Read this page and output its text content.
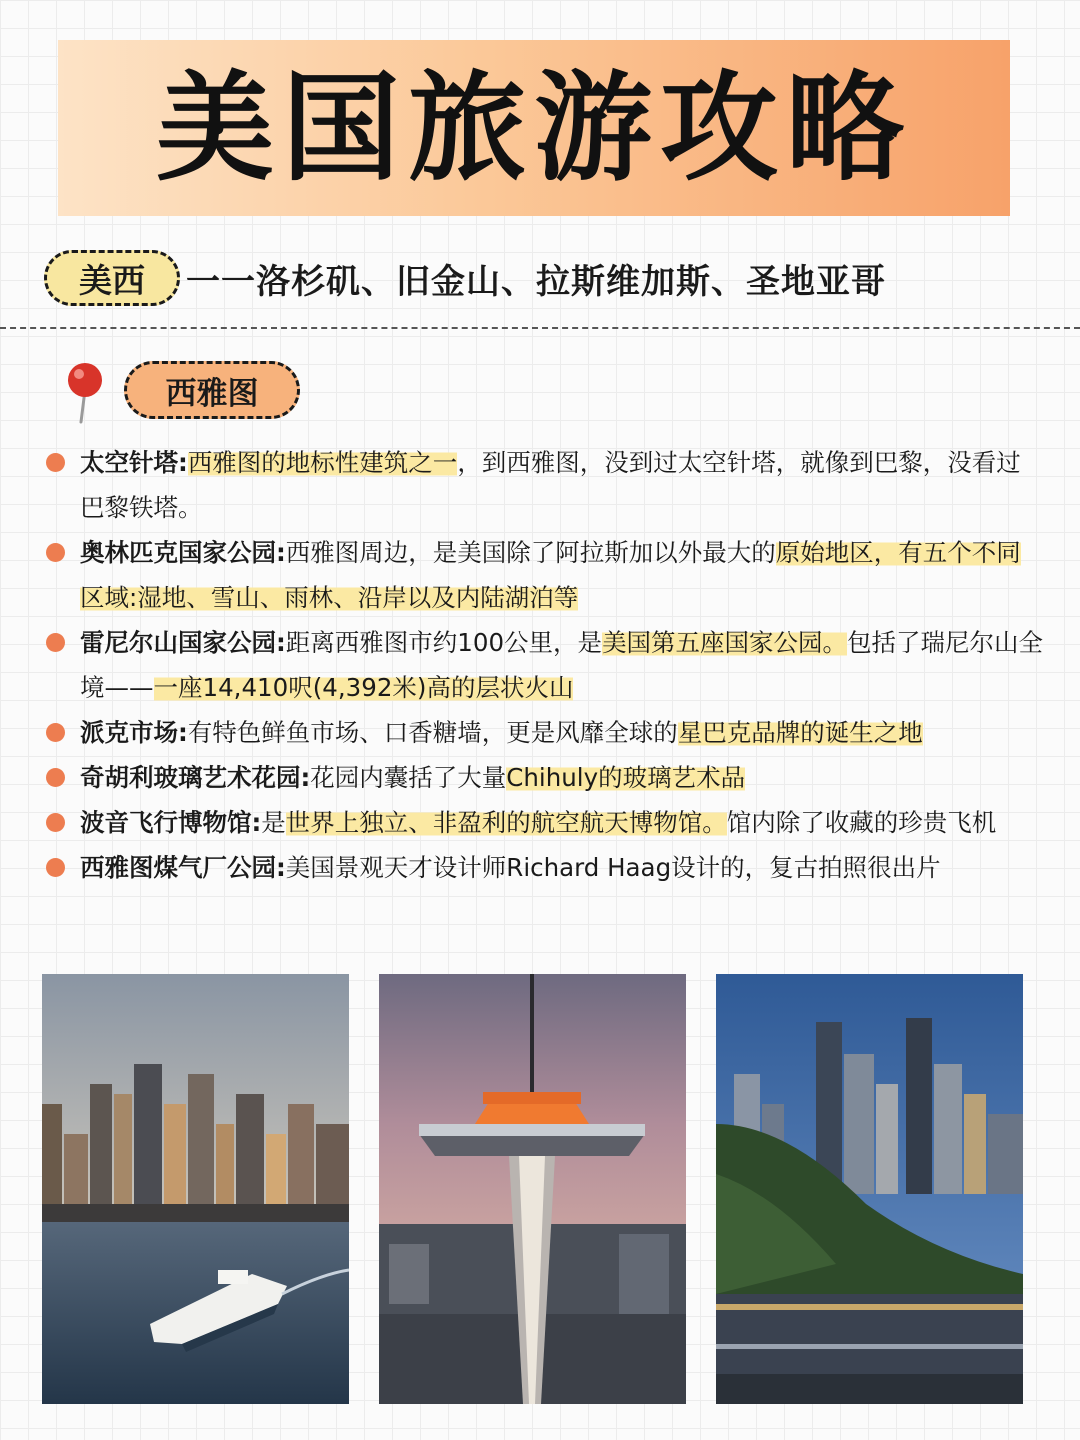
美国旅游攻略
美西	一一洛杉矶、旧金山、拉斯维加斯、圣地亚哥
西雅图
太空针塔:西雅图的地标性建筑之一，到西雅图，没到过太空针塔，就像到巴黎，没看过巴黎铁塔。
奥林匹克国家公园:西雅图周边，是美国除了阿拉斯加以外最大的原始地区，有五个不同区域:湿地、雪山、雨林、沿岸以及内陆湖泊等
雷尼尔山国家公园:距离西雅图市约100公里，是美国第五座国家公园。包括了瑞尼尔山全境——一座14,410呎(4,392米)高的层状火山
派克市场:有特色鲜鱼市场、口香糖墙，更是风靡全球的星巴克品牌的诞生之地
奇胡利玻璃艺术花园:花园内囊括了大量Chihuly的玻璃艺术品
波音飞行博物馆:是世界上独立、非盈利的航空航天博物馆。馆内除了收藏的珍贵飞机
西雅图煤气厂公园:美国景观天才设计师Richard Haag设计的，复古拍照很出片
